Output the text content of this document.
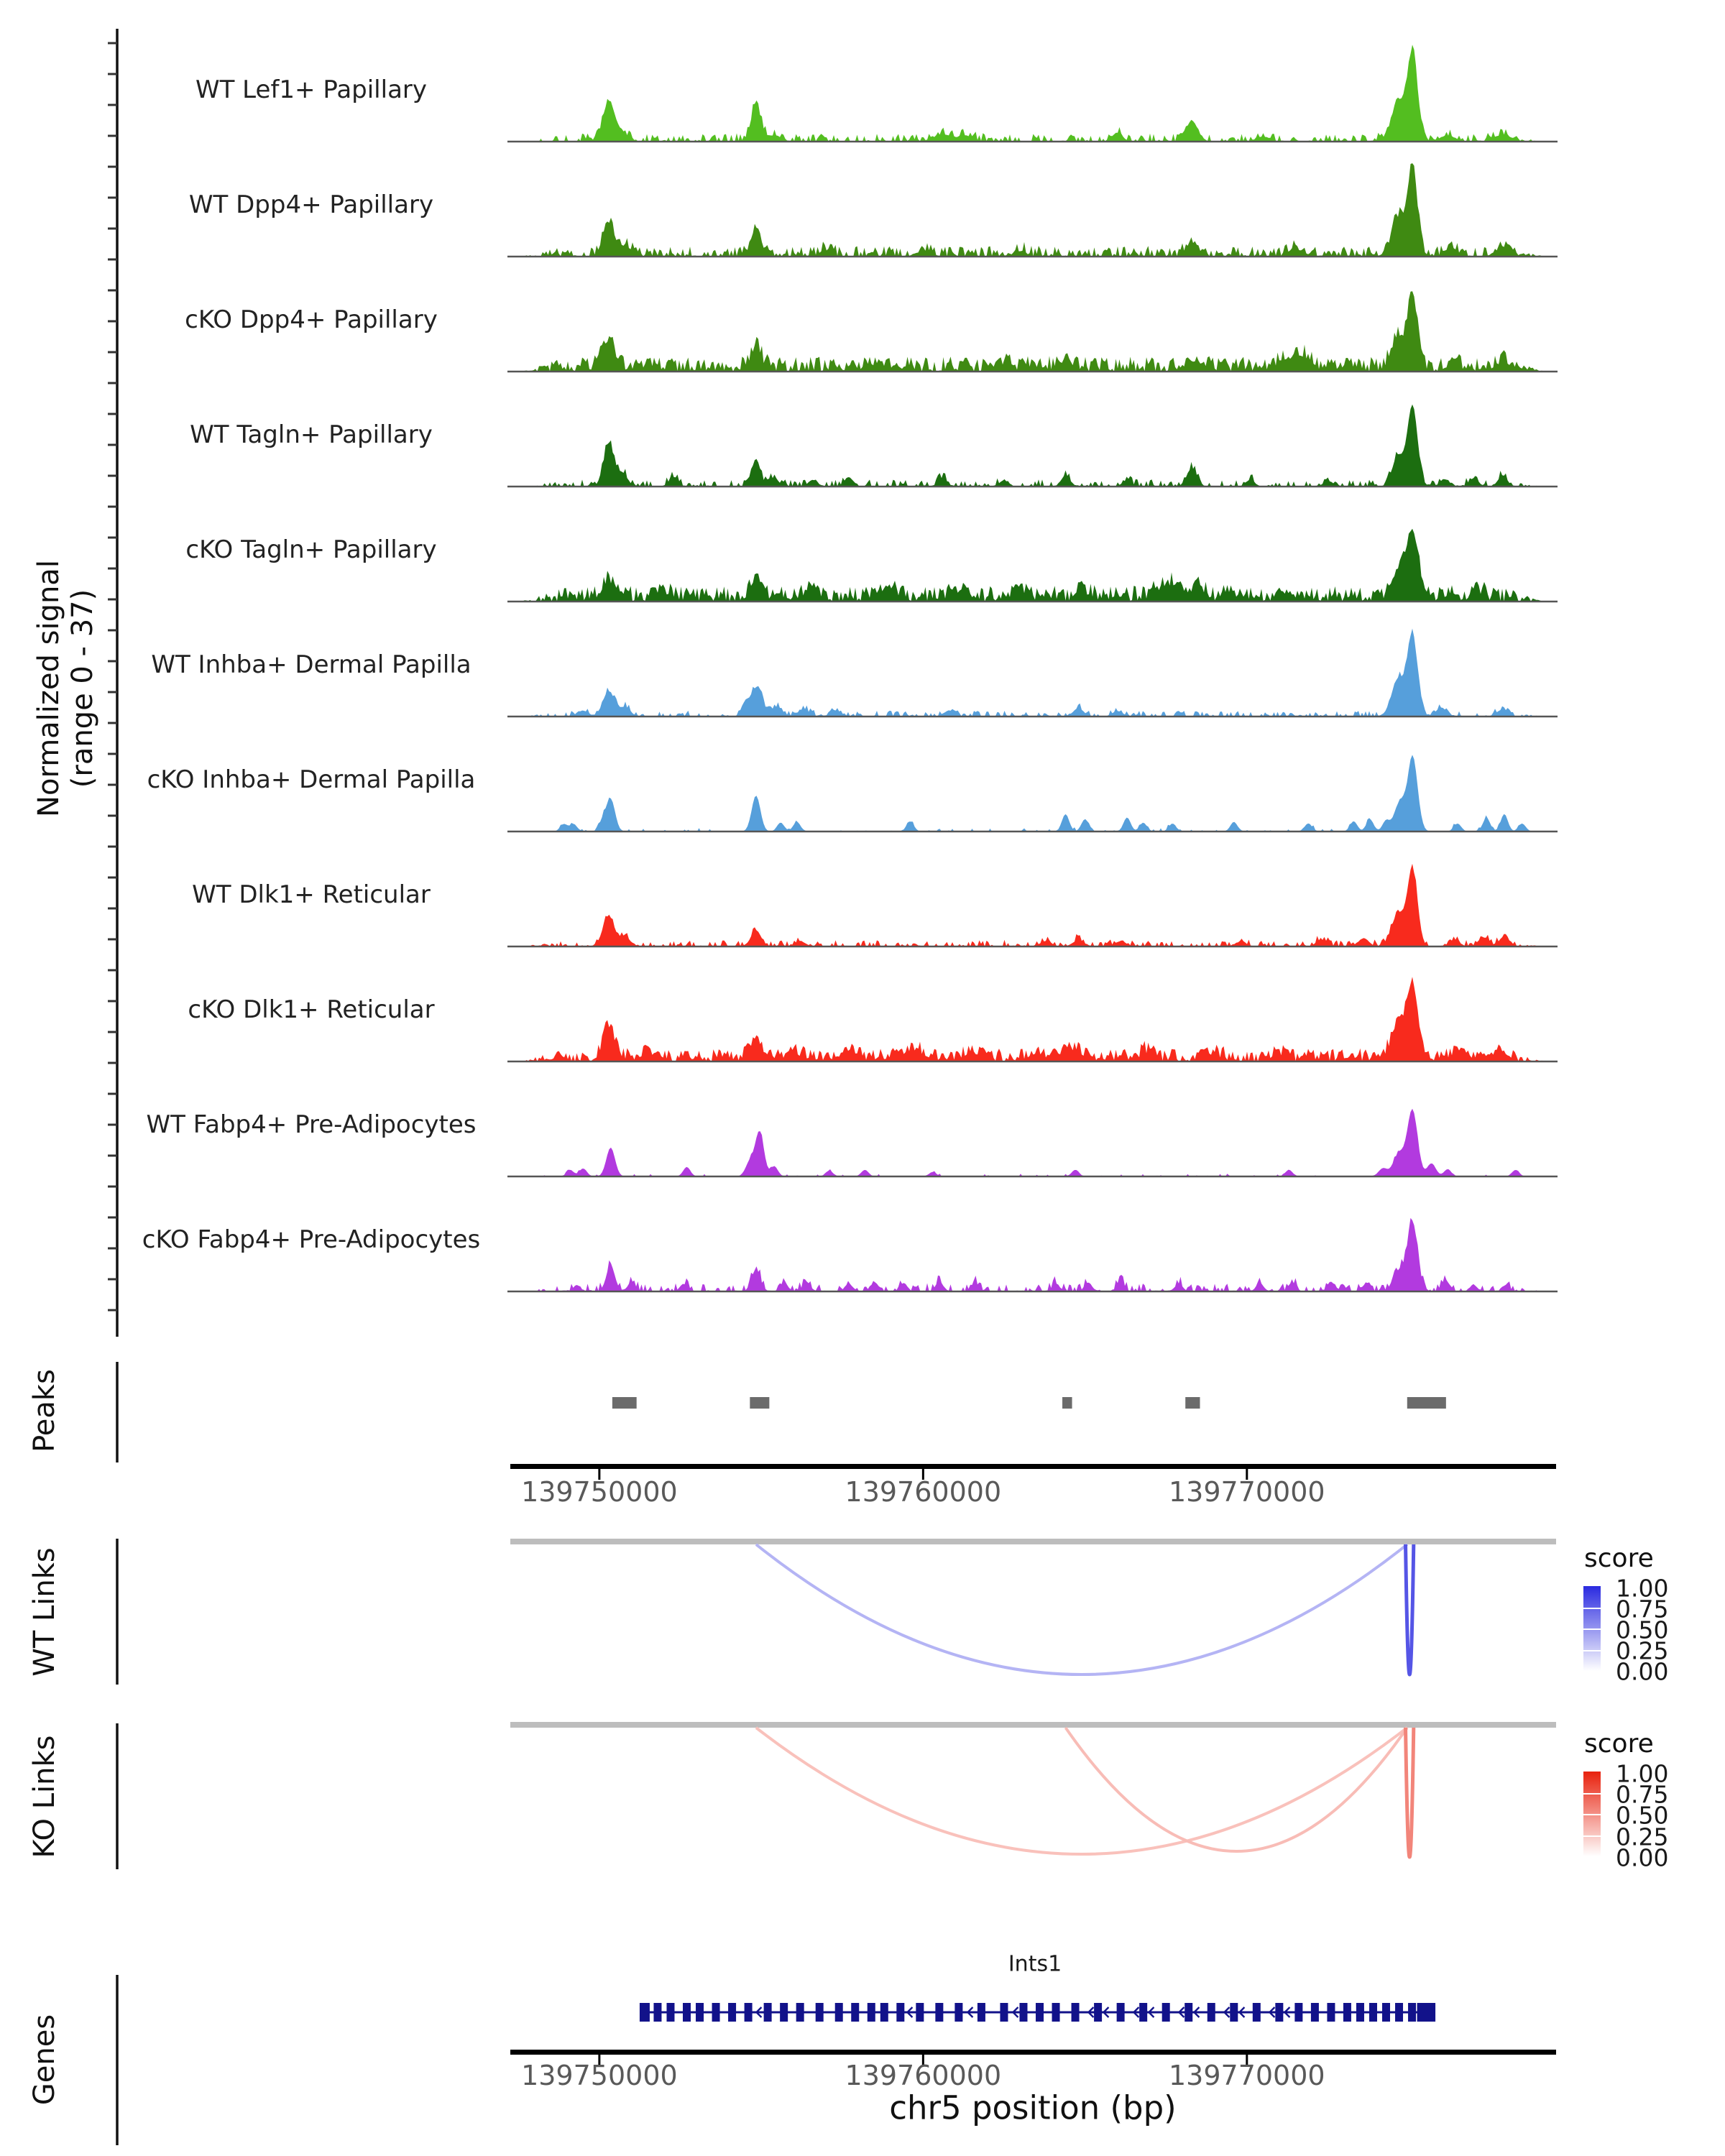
Normalized signal (range 0 - 37)
Peaks
WT Links
KO Links
Genes
score
1.00
0.75
0.50
0.25
0.00
score
1.00
0.75
0.50
0.25
0.00
Ints1
chr5 position (bp)
WT Lef1+ Papillary
WT Dpp4+ Papillary
cKO Dpp4+ Papillary
WT Tagln+ Papillary
cKO Tagln+ Papillary
WT Inhba+ Dermal Papilla
cKO Inhba+ Dermal Papilla
WT Dlk1+ Reticular
cKO Dlk1+ Reticular
WT Fabp4+ Pre-Adipocytes
cKO Fabp4+ Pre-Adipocytes
139750000	139760000	139770000
139750000	139760000	139770000
